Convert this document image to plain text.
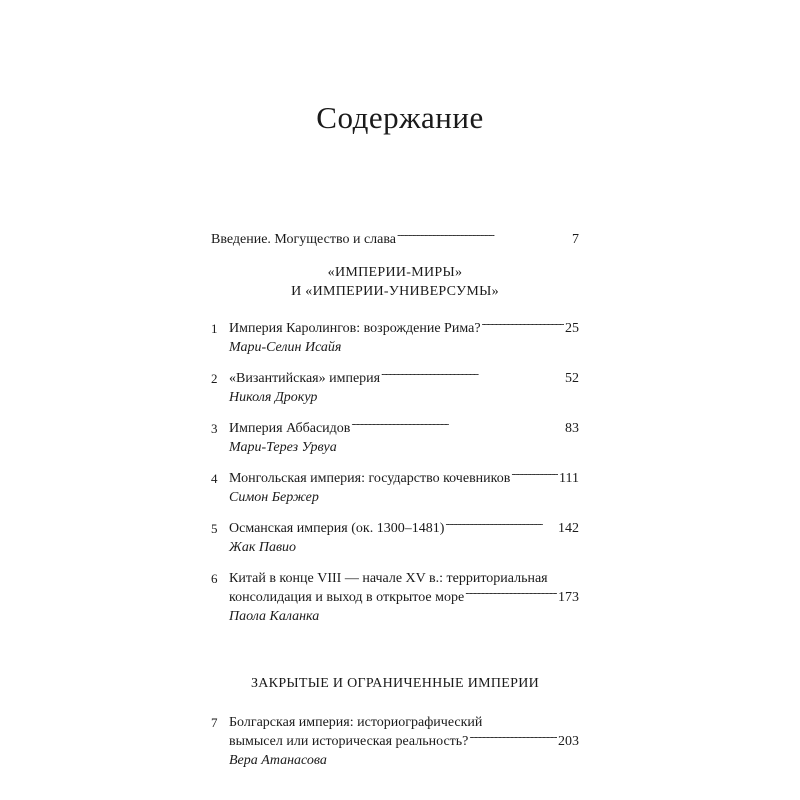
Содержание
Введение. Могущество и слава . . .	7
«ИМПЕРИИ-МИРЫ»
И «ИМПЕРИИ-УНИВЕРСУМЫ»
1 Империя Каролингов: возрождение Рима? . . .	25
Мари-Селин Исайя
2 «Византийская» империя . . .	52
Николя Дрокур
3 Империя Аббасидов . . .	83
Мари-Терез Урвуа
4 Монгольская империя: государство кочевников . . .	111
Симон Бержер
5 Османская империя (ок. 1300–1481) . . .	142
Жак Павио
6 Китай в конце VIII — начале XV в.: территориальная
консолидация и выход в открытое море . . .	173
Паола Каланка
ЗАКРЫТЫЕ И ОГРАНИЧЕННЫЕ ИМПЕРИИ
7 Болгарская империя: историографический
вымысел или историческая реальность? . . .	203
Вера Атанасова
